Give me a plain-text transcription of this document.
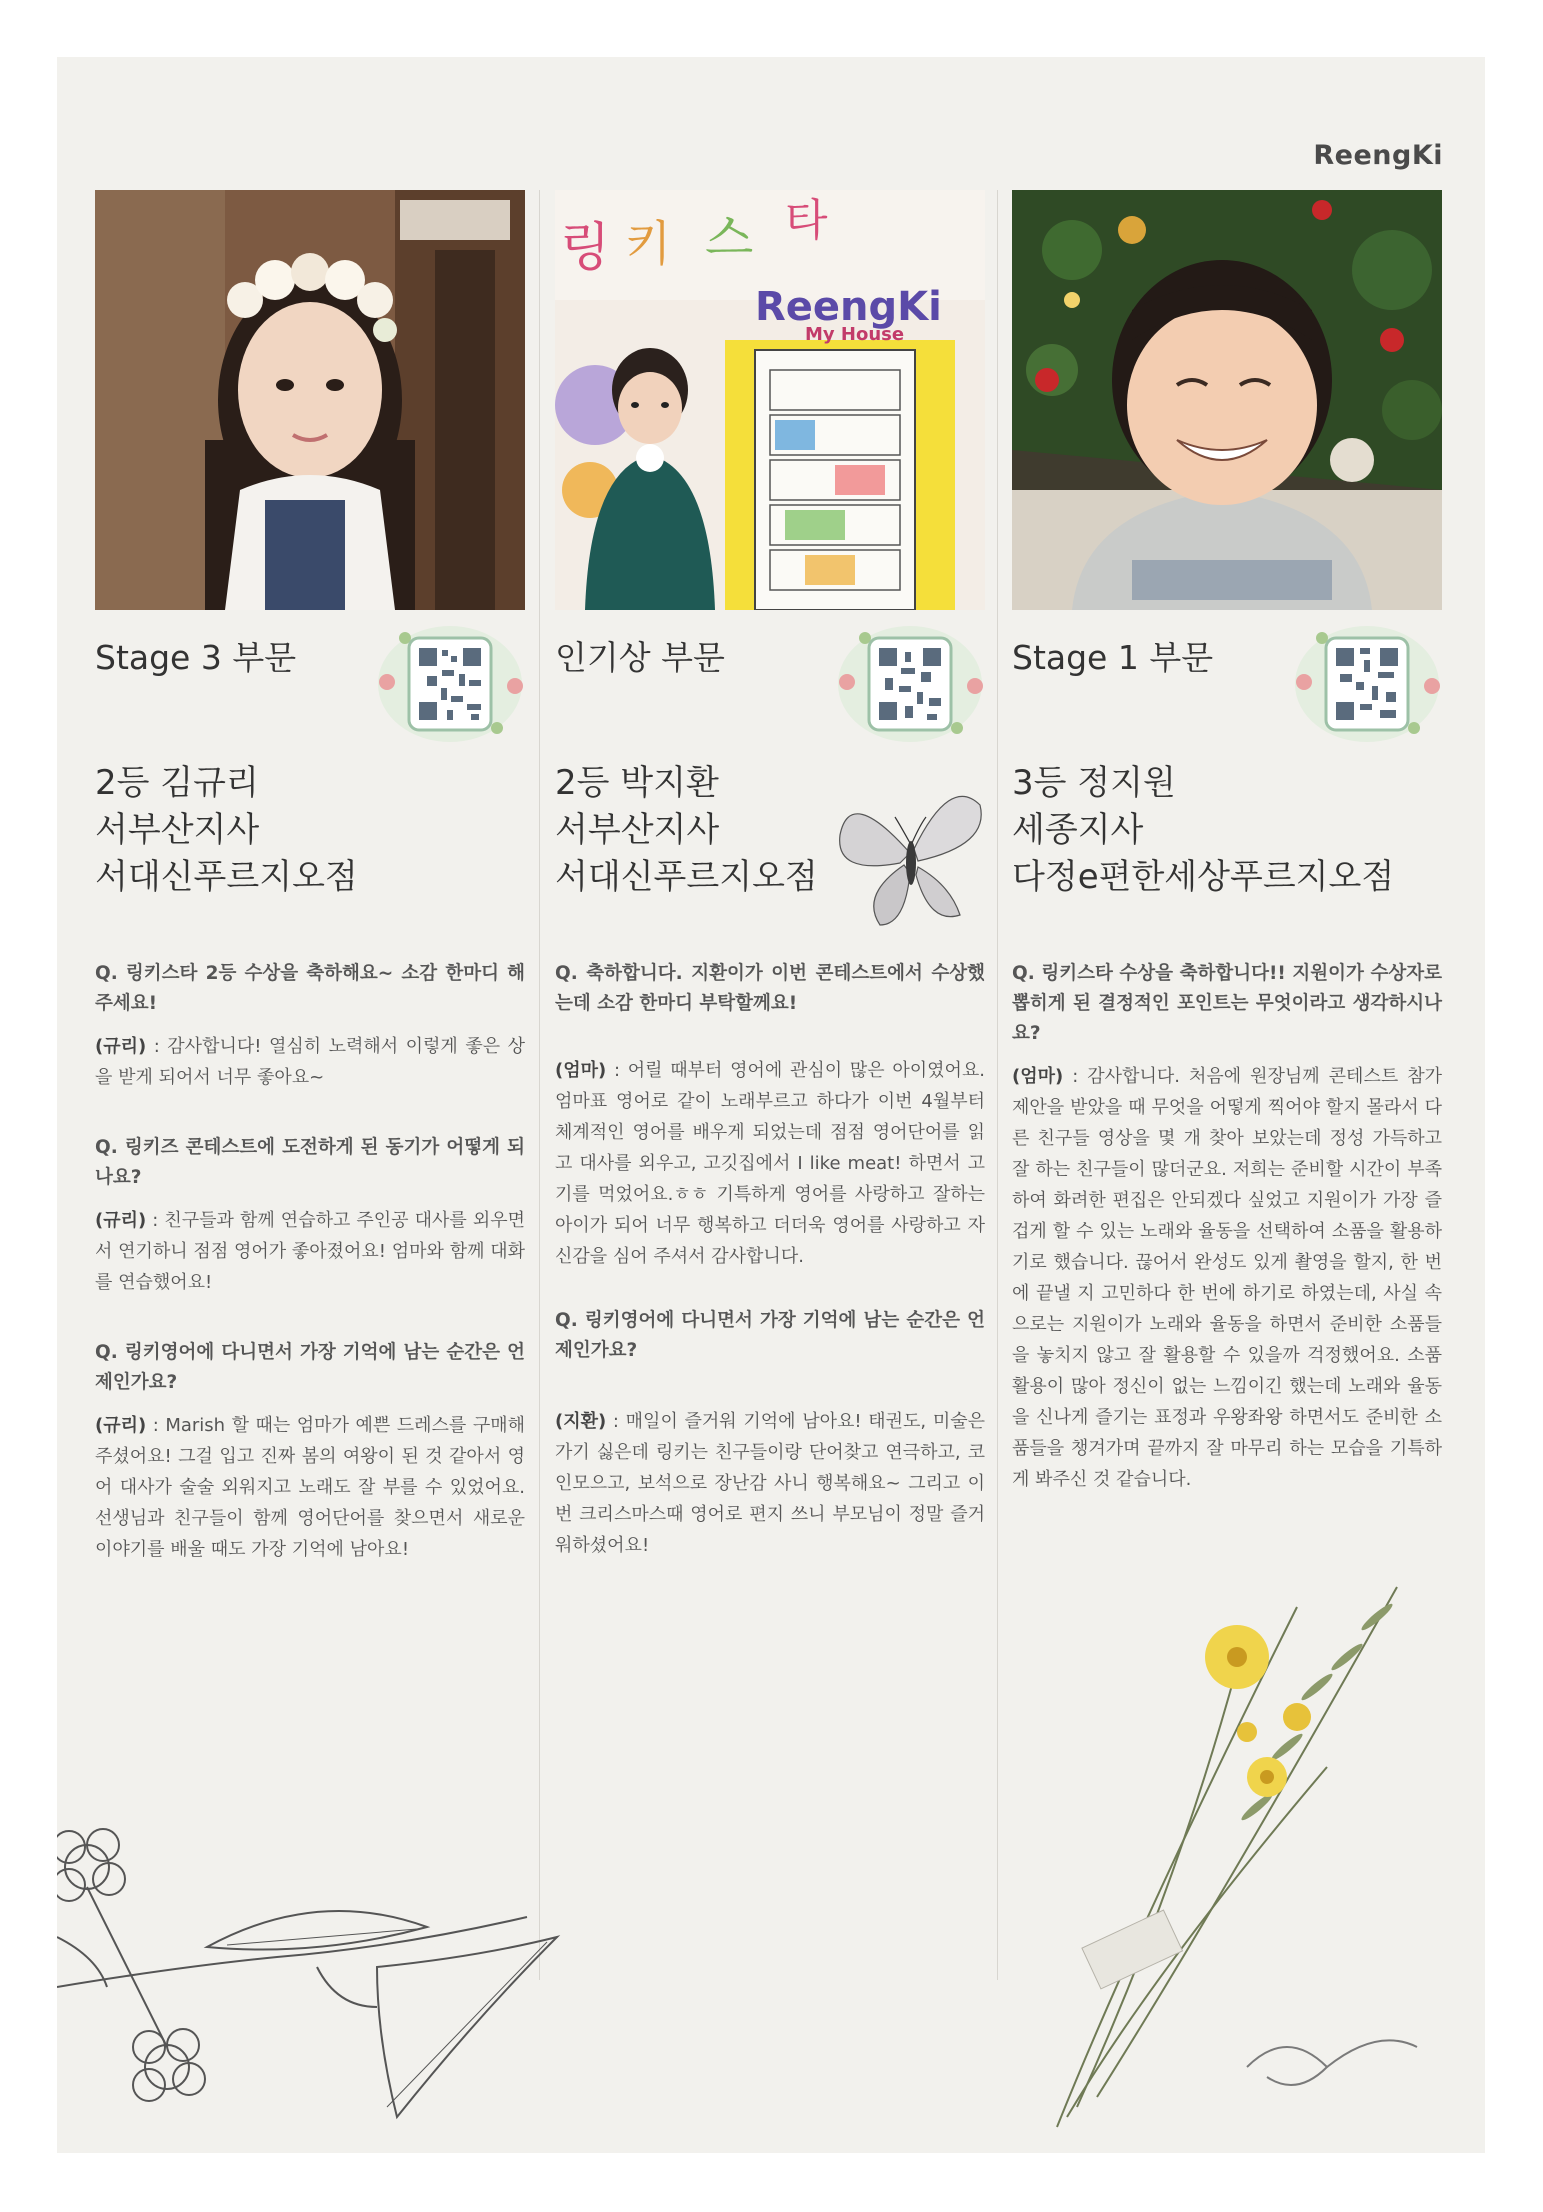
ReengKi
Stage 3 부문
2등 김규리
서부산지사
서대신푸르지오점
Q. 링키스타 2등 수상을 축하해요~ 소감 한마디 해주세요!
(규리) : 감사합니다! 열심히 노력해서 이렇게 좋은 상을 받게 되어서 너무 좋아요~
Q. 링키즈 콘테스트에 도전하게 된 동기가 어떻게 되나요?
(규리) : 친구들과 함께 연습하고 주인공 대사를 외우면서 연기하니 점점 영어가 좋아졌어요! 엄마와 함께 대화를 연습했어요!
Q. 링키영어에 다니면서 가장 기억에 남는 순간은 언제인가요?
(규리) : Marish 할 때는 엄마가 예쁜 드레스를 구매해 주셨어요! 그걸 입고 진짜 봄의 여왕이 된 것 같아서 영어 대사가 술술 외워지고 노래도 잘 부를 수 있었어요. 선생님과 친구들이 함께 영어단어를 찾으면서 새로운 이야기를 배울 때도 가장 기억에 남아요!
링 키 스 타
ReengKi
My House
인기상 부문
2등 박지환
서부산지사
서대신푸르지오점
Q. 축하합니다. 지환이가 이번 콘테스트에서 수상했는데 소감 한마디 부탁할께요!
(엄마) : 어릴 때부터 영어에 관심이 많은 아이였어요. 엄마표 영어로 같이 노래부르고 하다가 이번 4월부터 체계적인 영어를 배우게 되었는데 점점 영어단어를 읽고 대사를 외우고, 고깃집에서 I like meat! 하면서 고기를 먹었어요.ㅎㅎ 기특하게 영어를 사랑하고 잘하는 아이가 되어 너무 행복하고 더더욱 영어를 사랑하고 자신감을 심어 주셔서 감사합니다.
Q. 링키영어에 다니면서 가장 기억에 남는 순간은 언제인가요?
(지환) : 매일이 즐거워 기억에 남아요! 태권도, 미술은 가기 싫은데 링키는 친구들이랑 단어찾고 연극하고, 코인모으고, 보석으로 장난감 사니 행복해요~ 그리고 이번 크리스마스때 영어로 편지 쓰니 부모님이 정말 즐거워하셨어요!
Stage 1 부문
3등 정지원
세종지사
다정e편한세상푸르지오점
Q. 링키스타 수상을 축하합니다!! 지원이가 수상자로 뽑히게 된 결정적인 포인트는 무엇이라고 생각하시나요?
(엄마) : 감사합니다. 처음에 원장님께 콘테스트 참가 제안을 받았을 때 무엇을 어떻게 찍어야 할지 몰라서 다른 친구들 영상을 몇 개 찾아 보았는데 정성 가득하고 잘 하는 친구들이 많더군요. 저희는 준비할 시간이 부족하여 화려한 편집은 안되겠다 싶었고 지원이가 가장 즐겁게 할 수 있는 노래와 율동을 선택하여 소품을 활용하기로 했습니다. 끊어서 완성도 있게 촬영을 할지, 한 번에 끝낼 지 고민하다 한 번에 하기로 하였는데, 사실 속으로는 지원이가 노래와 율동을 하면서 준비한 소품들을 놓치지 않고 잘 활용할 수 있을까 걱정했어요. 소품 활용이 많아 정신이 없는 느낌이긴 했는데 노래와 율동을 신나게 즐기는 표정과 우왕좌왕 하면서도 준비한 소품들을 챙겨가며 끝까지 잘 마무리 하는 모습을 기특하게 봐주신 것 같습니다.
